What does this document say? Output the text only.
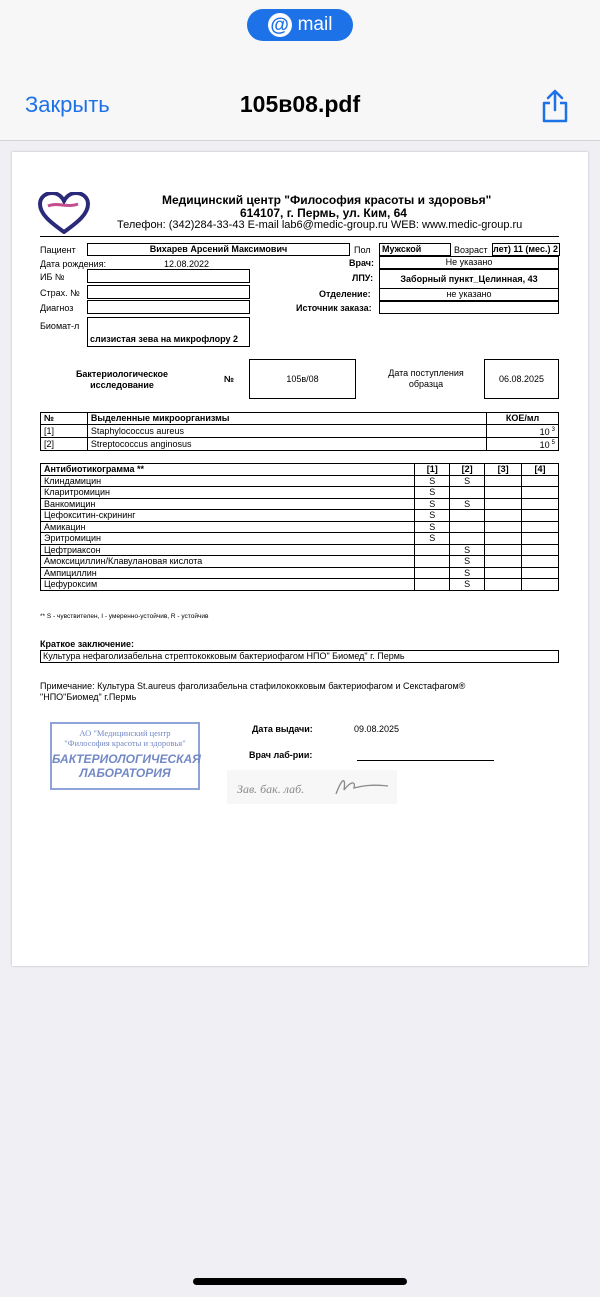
@ mail
Закрыть	105в08.pdf
Медицинский центр "Философия красоты и здоровья"
614107, г. Пермь, ул. Ким, 64
Телефон: (342)284-33-43 E-mail lab6@medic-group.ru WEB: www.medic-group.ru
Пациент	Вихарев Арсений Максимович	Пол	Мужской	Возраст лет) 11 (мес.) 2
Дата рождения:	12.08.2022	Врач:	Не указано
ИБ №	ЛПУ:	Заборный пункт_Целинная, 43
Страх. №	Отделение:	не указано
Диагноз	Источник заказа:
Биомат-л
слизистая зева на микрофлору 2
Бактериологическое исследование
№	105в/08
Дата поступления образца	06.08.2025
№	Выделенные микроорганизмы	КОЕ/мл
[1]	Staphylococcus aureus	10 $^3$
[2]	Streptococcus anginosus	10 $^5$
Антибиотикограмма **	[1]	[2]	[3]	[4]
Клиндамицин	S	S		
Кларитромицин	S			
Ванкомицин	S	S		
Цефокситин-скрининг	S			
Амикацин	S			
Эритромицин	S			
Цефтриаксон		S		
Амоксициллин/Клавулановая кислота		S		
Ампициллин		S		
Цефуроксим		S		
** S - чувствителен, I - умеренно-устойчив, R - устойчив
Краткое заключение:
Культура нефаголизабельна стрептококковым бактериофагом НПО" Биомед" г. Пермь
Примечание: Культура St.aureus фаголизабельна стафилококковым бактериофагом и Секстафагом®
"НПО"Биомед" г.Пермь
АО "Медицинский центр
"Философия красоты и здоровья"
БАКТЕРИОЛОГИЧЕСКАЯ
ЛАБОРАТОРИЯ
Дата выдачи:	09.08.2025
Врач лаб-рии:
Зав. бак. лаб.
